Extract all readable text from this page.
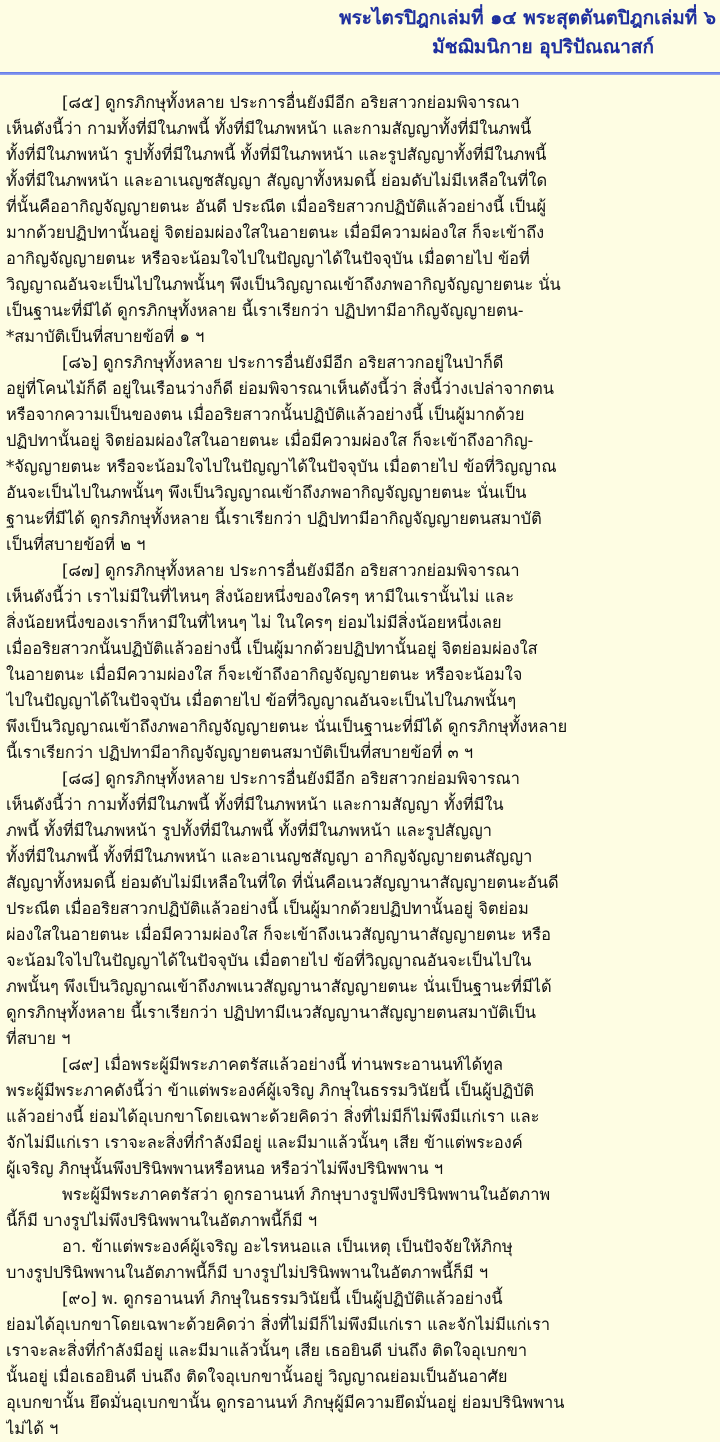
พระไตรปิฎกเล่มที่ ๑๔ พระสุตตันตปิฎกเล่มที่ ๖
มัชฌิมนิกาย อุปริปัณณาสก์
[๘๕] ดูกรภิกษุทั้งหลาย ประการอื่นยังมีอีก อริยสาวกย่อมพิจารณา
เห็นดังนี้ว่า กามทั้งที่มีในภพนี้ ทั้งที่มีในภพหน้า และกามสัญญาทั้งที่มีในภพนี้
ทั้งที่มีในภพหน้า รูปทั้งที่มีในภพนี้ ทั้งที่มีในภพหน้า และรูปสัญญาทั้งที่มีในภพนี้
ทั้งที่มีในภพหน้า และอาเนญชสัญญา สัญญาทั้งหมดนี้ ย่อมดับไม่มีเหลือในที่ใด
ที่นั้นคืออากิญจัญญายตนะ อันดี ประณีต เมื่ออริยสาวกปฏิบัติแล้วอย่างนี้ เป็นผู้
มากด้วยปฏิปทานั้นอยู่ จิตย่อมผ่องใสในอายตนะ เมื่อมีความผ่องใส ก็จะเข้าถึง
อากิญจัญญายตนะ หรือจะน้อมใจไปในปัญญาได้ในปัจจุบัน เมื่อตายไป ข้อที่
วิญญาณอันจะเป็นไปในภพนั้นๆ พึงเป็นวิญญาณเข้าถึงภพอากิญจัญญายตนะ นั่น
เป็นฐานะที่มีได้ ดูกรภิกษุทั้งหลาย นี้เราเรียกว่า ปฏิปทามีอากิญจัญญายตน-
*สมาบัติเป็นที่สบายข้อที่ ๑ ฯ
[๘๖] ดูกรภิกษุทั้งหลาย ประการอื่นยังมีอีก อริยสาวกอยู่ในป่าก็ดี
อยู่ที่โคนไม้ก็ดี อยู่ในเรือนว่างก็ดี ย่อมพิจารณาเห็นดังนี้ว่า สิ่งนี้ว่างเปล่าจากตน
หรือจากความเป็นของตน เมื่ออริยสาวกนั้นปฏิบัติแล้วอย่างนี้ เป็นผู้มากด้วย
ปฏิปทานั้นอยู่ จิตย่อมผ่องใสในอายตนะ เมื่อมีความผ่องใส ก็จะเข้าถึงอากิญ-
*จัญญายตนะ หรือจะน้อมใจไปในปัญญาได้ในปัจจุบัน เมื่อตายไป ข้อที่วิญญาณ
อันจะเป็นไปในภพนั้นๆ พึงเป็นวิญญาณเข้าถึงภพอากิญจัญญายตนะ นั่นเป็น
ฐานะที่มีได้ ดูกรภิกษุทั้งหลาย นี้เราเรียกว่า ปฏิปทามีอากิญจัญญายตนสมาบัติ
เป็นที่สบายข้อที่ ๒ ฯ
[๘๗] ดูกรภิกษุทั้งหลาย ประการอื่นยังมีอีก อริยสาวกย่อมพิจารณา
เห็นดังนี้ว่า เราไม่มีในที่ไหนๆ สิ่งน้อยหนึ่งของใครๆ หามีในเรานั้นไม่ และ
สิ่งน้อยหนึ่งของเราก็หามีในที่ไหนๆ ไม่ ในใครๆ ย่อมไม่มีสิ่งน้อยหนึ่งเลย
เมื่ออริยสาวกนั้นปฏิบัติแล้วอย่างนี้ เป็นผู้มากด้วยปฏิปทานั้นอยู่ จิตย่อมผ่องใส
ในอายตนะ เมื่อมีความผ่องใส ก็จะเข้าถึงอากิญจัญญายตนะ หรือจะน้อมใจ
ไปในปัญญาได้ในปัจจุบัน เมื่อตายไป ข้อที่วิญญาณอันจะเป็นไปในภพนั้นๆ
พึงเป็นวิญญาณเข้าถึงภพอากิญจัญญายตนะ นั่นเป็นฐานะที่มีได้ ดูกรภิกษุทั้งหลาย
นี้เราเรียกว่า ปฏิปทามีอากิญจัญญายตนสมาบัติเป็นที่สบายข้อที่ ๓ ฯ
[๘๘] ดูกรภิกษุทั้งหลาย ประการอื่นยังมีอีก อริยสาวกย่อมพิจารณา
เห็นดังนี้ว่า กามทั้งที่มีในภพนี้ ทั้งที่มีในภพหน้า และกามสัญญา ทั้งที่มีใน
ภพนี้ ทั้งที่มีในภพหน้า รูปทั้งที่มีในภพนี้ ทั้งที่มีในภพหน้า และรูปสัญญา
ทั้งที่มีในภพนี้ ทั้งที่มีในภพหน้า และอาเนญชสัญญา อากิญจัญญายตนสัญญา
สัญญาทั้งหมดนี้ ย่อมดับไม่มีเหลือในที่ใด ที่นั่นคือเนวสัญญานาสัญญายตนะอันดี
ประณีต เมื่ออริยสาวกปฏิบัติแล้วอย่างนี้ เป็นผู้มากด้วยปฏิปทานั้นอยู่ จิตย่อม
ผ่องใสในอายตนะ เมื่อมีความผ่องใส ก็จะเข้าถึงเนวสัญญานาสัญญายตนะ หรือ
จะน้อมใจไปในปัญญาได้ในปัจจุบัน เมื่อตายไป ข้อที่วิญญาณอันจะเป็นไปใน
ภพนั้นๆ พึงเป็นวิญญาณเข้าถึงภพเนวสัญญานาสัญญายตนะ นั่นเป็นฐานะที่มีได้
ดูกรภิกษุทั้งหลาย นี้เราเรียกว่า ปฏิปทามีเนวสัญญานาสัญญายตนสมาบัติเป็น
ที่สบาย ฯ
[๘๙] เมื่อพระผู้มีพระภาคตรัสแล้วอย่างนี้ ท่านพระอานนท์ได้ทูล
พระผู้มีพระภาคดังนี้ว่า ข้าแต่พระองค์ผู้เจริญ ภิกษุในธรรมวินัยนี้ เป็นผู้ปฏิบัติ
แล้วอย่างนี้ ย่อมได้อุเบกขาโดยเฉพาะด้วยคิดว่า สิ่งที่ไม่มีก็ไม่พึงมีแก่เรา และ
จักไม่มีแก่เรา เราจะละสิ่งที่กำลังมีอยู่ และมีมาแล้วนั้นๆ เสีย ข้าแต่พระองค์
ผู้เจริญ ภิกษุนั้นพึงปรินิพพานหรือหนอ หรือว่าไม่พึงปรินิพพาน ฯ
พระผู้มีพระภาคตรัสว่า ดูกรอานนท์ ภิกษุบางรูปพึงปรินิพพานในอัตภาพ
นี้ก็มี บางรูปไม่พึงปรินิพพานในอัตภาพนี้ก็มี ฯ
อา. ข้าแต่พระองค์ผู้เจริญ อะไรหนอแล เป็นเหตุ เป็นปัจจัยให้ภิกษุ
บางรูปปรินิพพานในอัตภาพนี้ก็มี บางรูปไม่ปรินิพพานในอัตภาพนี้ก็มี ฯ
[๙๐] พ. ดูกรอานนท์ ภิกษุในธรรมวินัยนี้ เป็นผู้ปฏิบัติแล้วอย่างนี้
ย่อมได้อุเบกขาโดยเฉพาะด้วยคิดว่า สิ่งที่ไม่มีก็ไม่พึงมีแก่เรา และจักไม่มีแก่เรา
เราจะละสิ่งที่กำลังมีอยู่ และมีมาแล้วนั้นๆ เสีย เธอยินดี บ่นถึง ติดใจอุเบกขา
นั้นอยู่ เมื่อเธอยินดี บ่นถึง ติดใจอุเบกขานั้นอยู่ วิญญาณย่อมเป็นอันอาศัย
อุเบกขานั้น ยึดมั่นอุเบกขานั้น ดูกรอานนท์ ภิกษุผู้มีความยึดมั่นอยู่ ย่อมปรินิพพาน
ไม่ได้ ฯ
